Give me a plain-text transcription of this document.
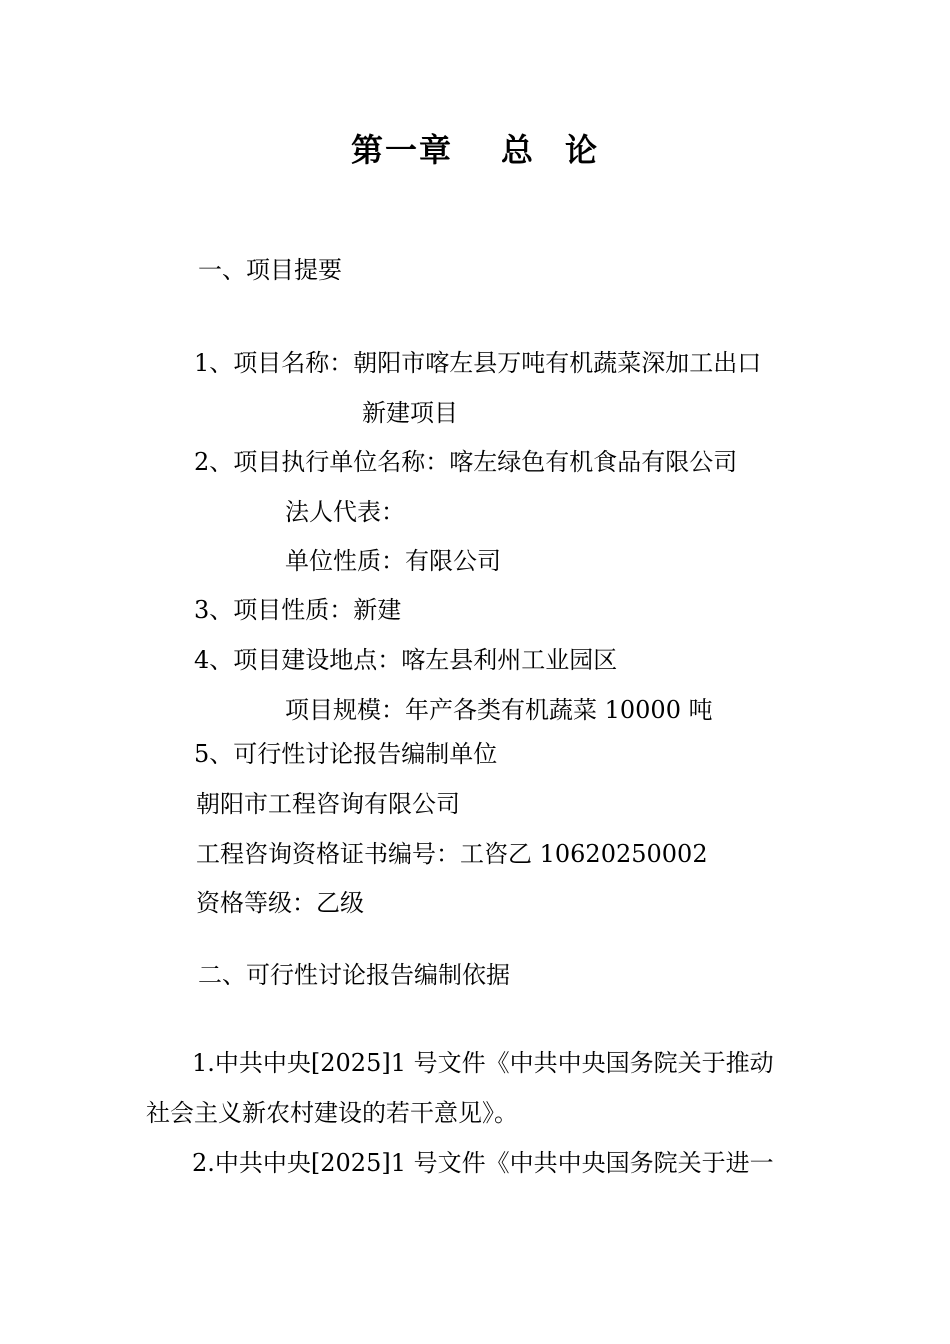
第一章 总 论
一、项目提要
1、项目名称：朝阳市喀左县万吨有机蔬菜深加工出口
新建项目
2、项目执行单位名称：喀左绿色有机食品有限公司
法人代表：
单位性质：有限公司
3、项目性质：新建
4、项目建设地点：喀左县利州工业园区
项目规模：年产各类有机蔬菜 10000 吨
5、可行性讨论报告编制单位
朝阳市工程咨询有限公司
工程咨询资格证书编号：工咨乙 10620250002
资格等级：乙级
二、可行性讨论报告编制依据
1.中共中央[2025]1 号文件《中共中央国务院关于推动
社会主义新农村建设的若干意见》。
2.中共中央[2025]1 号文件《中共中央国务院关于进一
